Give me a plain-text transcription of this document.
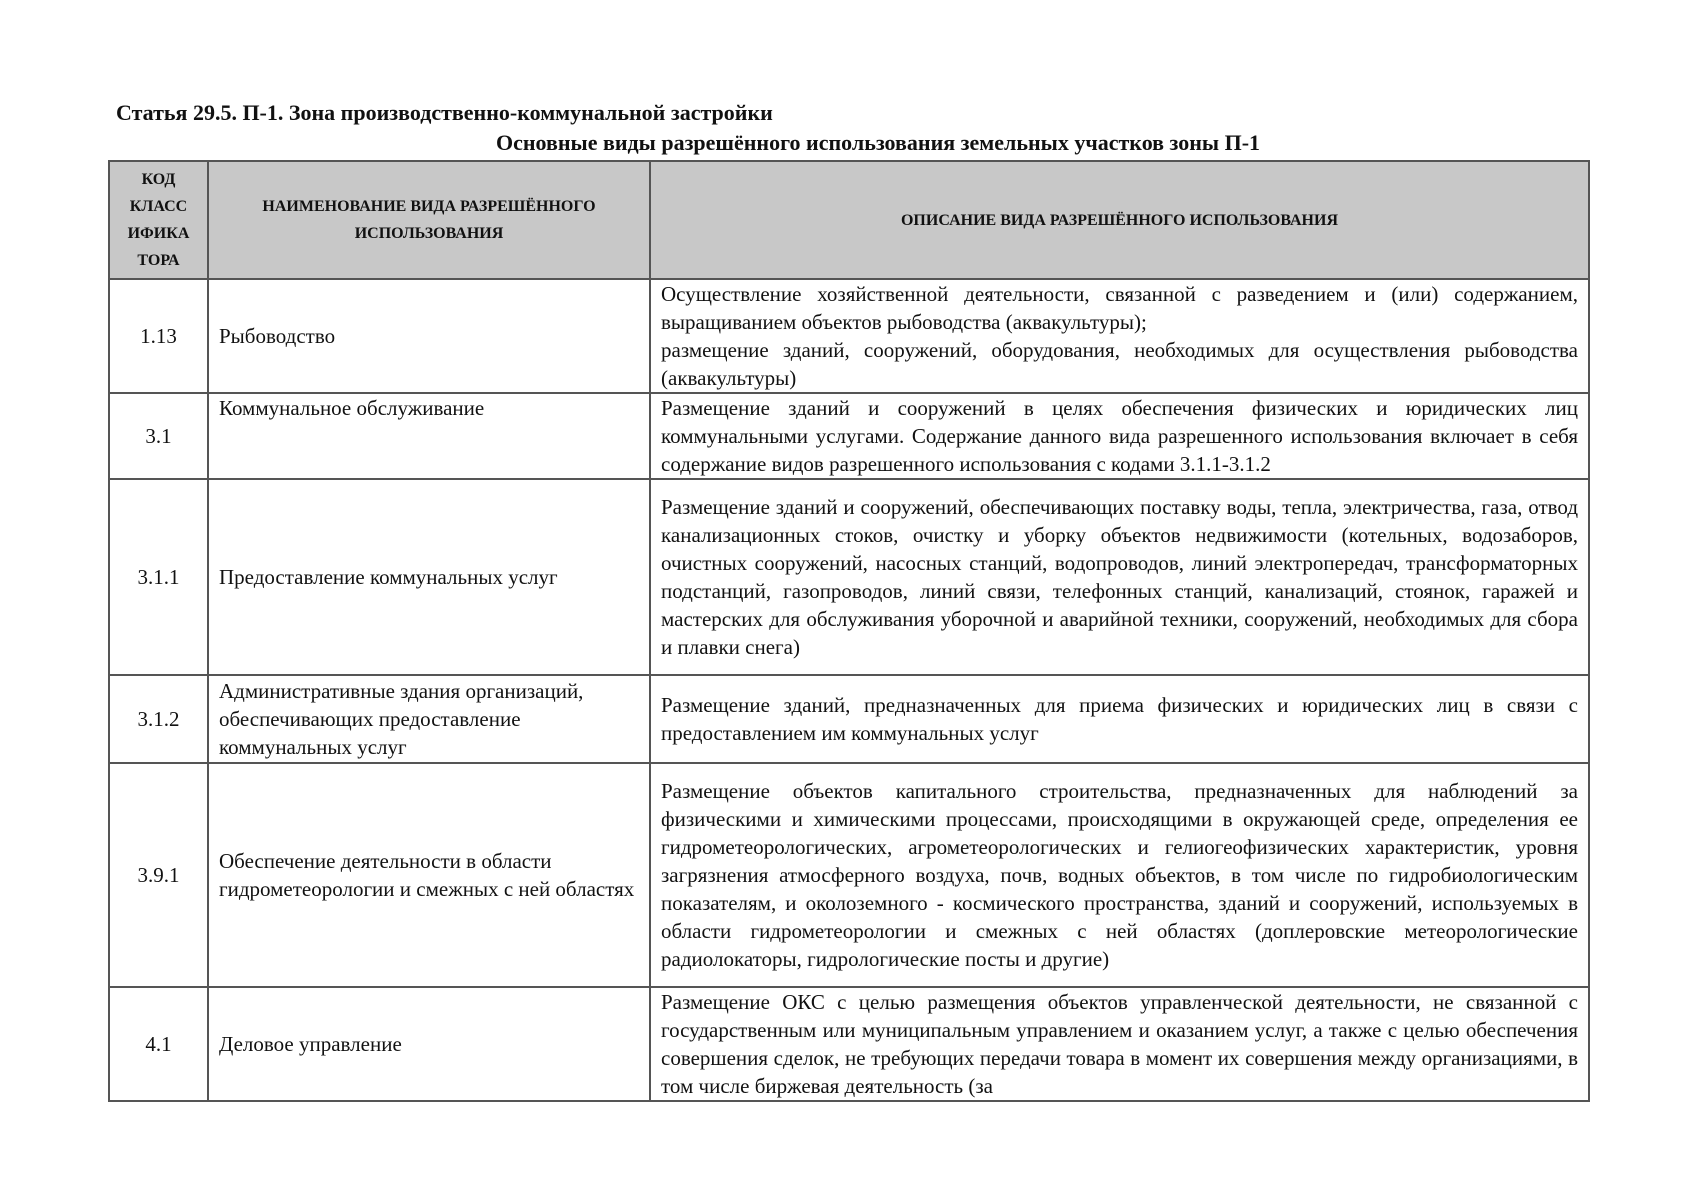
Статья 29.5. П-1. Зона производственно-коммунальной застройки
Основные виды разрешённого использования земельных участков зоны П-1
КОД
КЛАСС
ИФИКА
ТОРА	НАИМЕНОВАНИЕ ВИДА РАЗРЕШЁННОГО ИСПОЛЬЗОВАНИЯ	ОПИСАНИЕ ВИДА РАЗРЕШЁННОГО ИСПОЛЬЗОВАНИЯ
1.13	Рыбоводство	Осуществление хозяйственной деятельности, связанной с разведением и (или) содержанием, выращиванием объектов рыбоводства (аквакультуры);

размещение зданий, сооружений, оборудования, необходимых для осуществления рыбоводства (аквакультуры)

3.1	Коммунальное обслуживание	Размещение зданий и сооружений в целях обеспечения физических и юридических лиц коммунальными услугами. Содержание данного вида разрешенного использования включает в себя содержание видов разрешенного использования с кодами 3.1.1-3.1.2

3.1.1	Предоставление коммунальных услуг	Размещение зданий и сооружений, обеспечивающих поставку воды, тепла, электричества, газа, отвод канализационных стоков, очистку и уборку объектов недвижимости (котельных, водозаборов, очистных сооружений, насосных станций, водопроводов, линий электропередач, трансформаторных подстанций, газопроводов, линий связи, телефонных станций, канализаций, стоянок, гаражей и мастерских для обслуживания уборочной и аварийной техники, сооружений, необходимых для сбора и плавки снега)

3.1.2	Административные здания организаций, обеспечивающих предоставление коммунальных услуг	Размещение зданий, предназначенных для приема физических и юридических лиц в связи с предоставлением им коммунальных услуг

3.9.1	Обеспечение деятельности в области гидрометеорологии и смежных с ней областях	Размещение объектов капитального строительства, предназначенных для наблюдений за физическими и химическими процессами, происходящими в окружающей среде, определения ее гидрометеорологических, агрометеорологических и гелиогеофизических характеристик, уровня загрязнения атмосферного воздуха, почв, водных объектов, в том числе по гидробиологическим показателям, и околоземного - космического пространства, зданий и сооружений, используемых в области гидрометеорологии и смежных с ней областях (доплеровские метеорологические радиолокаторы, гидрологические посты и другие)

4.1	Деловое управление	Размещение ОКС с целью размещения объектов управленческой деятельности, не связанной с государственным или муниципальным управлением и оказанием услуг, а также с целью обеспечения совершения сделок, не требующих передачи товара в момент их совершения между организациями, в том числе биржевая деятельность (за
